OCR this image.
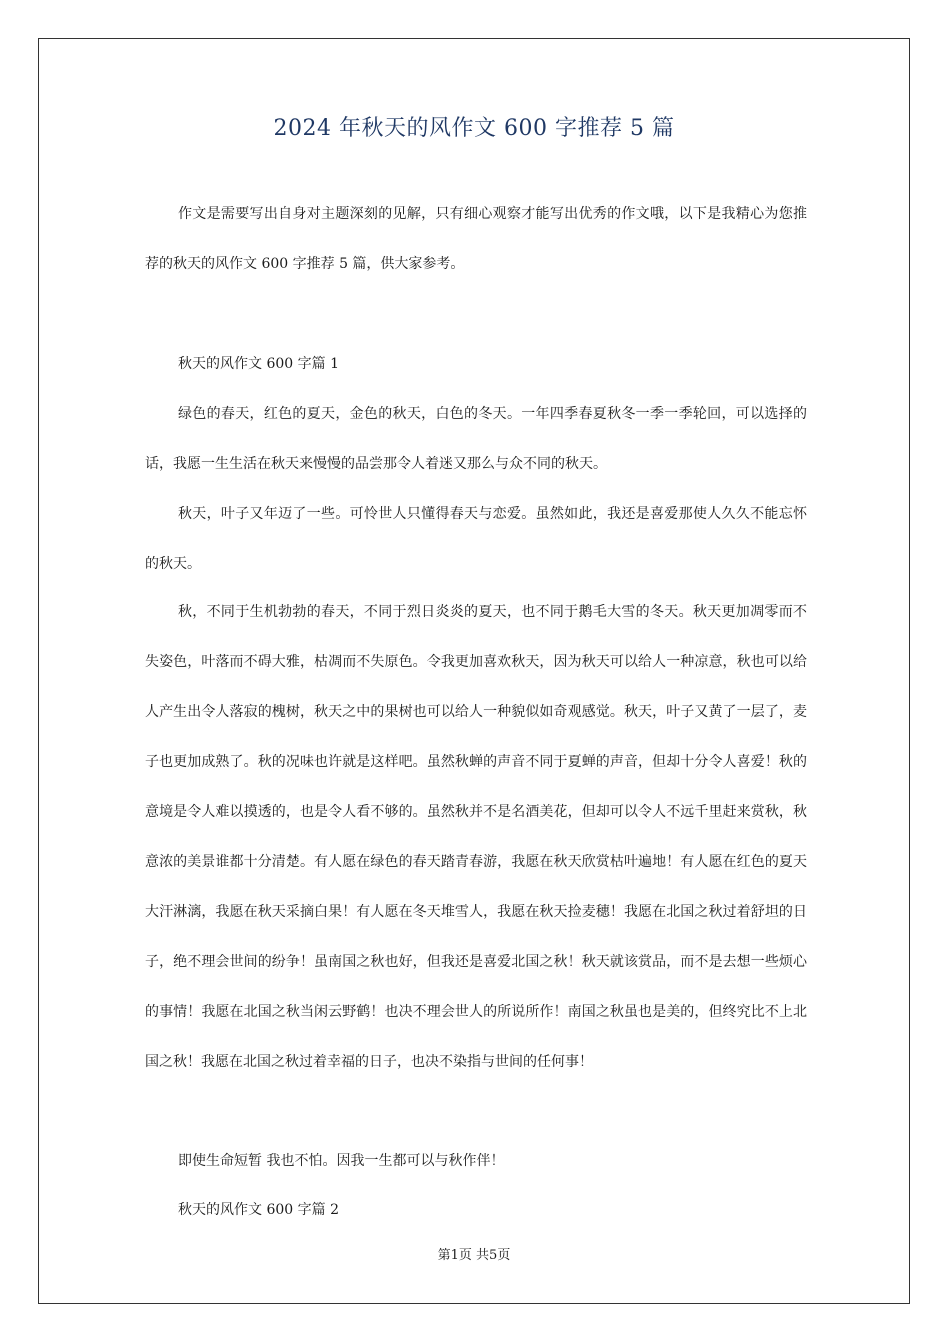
2024 年秋天的风作文 600 字推荐 5 篇

作文是需要写出自身对主题深刻的见解，只有细心观察才能写出优秀的作文哦，以下是我精心为您推荐的秋天的风作文 600 字推荐 5 篇，供大家参考。

秋天的风作文 600 字篇 1

绿色的春天，红色的夏天，金色的秋天，白色的冬天。一年四季春夏秋冬一季一季轮回，可以选择的话，我愿一生生活在秋天来慢慢的品尝那令人着迷又那么与众不同的秋天。

秋天，叶子又年迈了一些。可怜世人只懂得春天与恋爱。虽然如此，我还是喜爱那使人久久不能忘怀的秋天。

秋，不同于生机勃勃的春天，不同于烈日炎炎的夏天，也不同于鹅毛大雪的冬天。秋天更加凋零而不失姿色，叶落而不碍大雅，枯凋而不失原色。令我更加喜欢秋天，因为秋天可以给人一种凉意，秋也可以给人产生出令人落寂的槐树，秋天之中的果树也可以给人一种貌似如奇观感觉。秋天，叶子又黄了一层了，麦子也更加成熟了。秋的况味也许就是这样吧。虽然秋蝉的声音不同于夏蝉的声音，但却十分令人喜爱！秋的意境是令人难以摸透的，也是令人看不够的。虽然秋并不是名酒美花，但却可以令人不远千里赶来赏秋，秋意浓的美景谁都十分清楚。有人愿在绿色的春天踏青春游，我愿在秋天欣赏枯叶遍地！有人愿在红色的夏天大汗淋漓，我愿在秋天采摘白果！有人愿在冬天堆雪人，我愿在秋天捡麦穗！我愿在北国之秋过着舒坦的日子，绝不理会世间的纷争！虽南国之秋也好，但我还是喜爱北国之秋！秋天就该赏品，而不是去想一些烦心的事情！我愿在北国之秋当闲云野鹤！也决不理会世人的所说所作！南国之秋虽也是美的，但终究比不上北国之秋！我愿在北国之秋过着幸福的日子，也决不染指与世间的任何事！

即使生命短暂 我也不怕。因我一生都可以与秋作伴！

秋天的风作文 600 字篇 2

第1页 共5页
